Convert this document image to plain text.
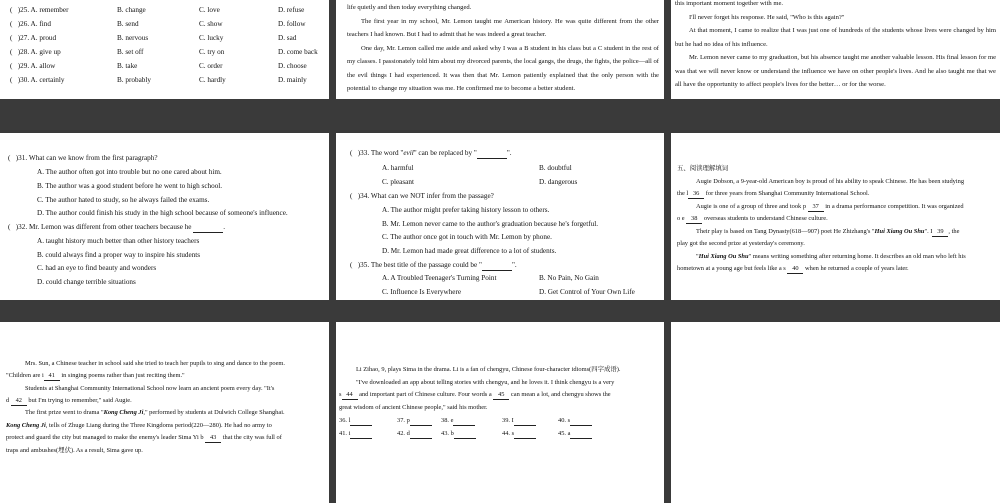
(   )25. A. remember	B. change	C. love	D. refuse
(   )26. A. find	B. send	C. show	D. follow
(   )27. A. proud	B. nervous	C. lucky	D. sad
(   )28. A. give up	B. set off	C. try on	D. come back
(   )29. A. allow	B. take	C. order	D. choose
(   )30. A. certainly	B. probably	C. hardly	D. mainly
life quietly and then today everything changed.
The first year in my school, Mr. Lemon taught me American history. He was quite different from the other teachers I had known. But I had to admit that he was indeed a great teacher.
One day, Mr. Lemon called me aside and asked why I was a B student in his class but a C student in the rest of my classes. I passionately told him about my divorced parents, the local gangs, the drugs, the fights, the police—all of the evil things I had experienced. It was then that Mr. Lemon patiently explained that the only person with the potential to change my situation was me. He confirmed me to become a better student.
this important moment together with me.
I'll never forget his response. He said, "Who is this again?"
At that moment, I came to realize that I was just one of hundreds of the students whose lives were changed by him but he had no idea of his influence.
Mr. Lemon never came to my graduation, but his absence taught me another valuable lesson. His final lesson for me was that we will never know or understand the influence we have on other people's lives. And he also taught me that we all have the opportunity to affect people's lives for the better… or for the worse.
(   )31. What can we know from the first paragraph?
A. The author often got into trouble but no one cared about him.
B. The author was a good student before he went to high school.
C. The author hated to study, so he always failed the exams.
D. The author could finish his study in the high school because of someone's influence.
(   )32. Mr. Lemon was different from other teachers because he	.
A. taught history much better than other history teachers
B. could always find a proper way to inspire his students
C. had an eye to find beauty and wonders
D. could change terrible situations
(   )33. The word "evil" can be replaced by "	".
A. harmful	B. doubtful
C. pleasant	D. dangerous
(   )34. What can we NOT infer from the passage?
A. The author might prefer taking history lesson to others.
B. Mr. Lemon never came to the author's graduation because he's forgetful.
C. The author once got in touch with Mr. Lemon by phone.
D. Mr. Lemon had made great difference to a lot of students.
(   )35. The best title of the passage could be "	".
A. A Troubled Teenager's Turning Point	B. No Pain, No Gain
C. Influence Is Everywhere	D. Get Control of Your Own Life
五、阅读理解填词
Augie Dobson, a 9-year-old American boy is proud of his ability to speak Chinese. He has been studying
the l 36 for three years from Shanghai Community International School.
Augie is one of a group of three and took p 37 in a drama performance competition. It was organized
o e 38 overseas students to understand Chinese culture.
Their play is based on Tang Dynasty(618—907) poet He Zhizhang's "Hui Xiang Ou Shu". I 39 , the
play got the second prize at yesterday's ceremony.
"Hui Xiang Ou Shu" means writing something after returning home. It describes an old man who left his
hometown at a young age but feels like a s 40 when he returned a couple of years later.
Mrs. Sun, a Chinese teacher in school said she tried to teach her pupils to sing and dance to the poem.
"Children are i 41 in singing poems rather than just reciting them."
Students at Shanghai Community International School now learn an ancient poem every day. "It's
d 42 but I'm trying to remember," said Augie.
The first prize went to drama "Kong Cheng Ji," performed by students at Dulwich College Shanghai.
Kong Cheng Ji, tells of Zhuge Liang during the Three Kingdoms period(220—280). He had no army to
protect and guard the city but managed to make the enemy's leader Sima Yi b 43 that the city was full of
traps and ambushes(埋伏). As a result, Sima gave up.
Li Zihao, 9, plays Sima in the drama. Li is a fan of chengyu, Chinese four-character idioms(四字成语).
"I've downloaded an app about telling stories with chengyu, and he loves it. I think chengyu is a very
s 44 and important part of Chinese culture. Four words a 45 can mean a lot, and chengyu shows the
great wisdom of ancient Chinese people," said his mother.
36. l	37. p	38. e	39. I	40. s
41. i	42. d	43. b	44. s	45. a
